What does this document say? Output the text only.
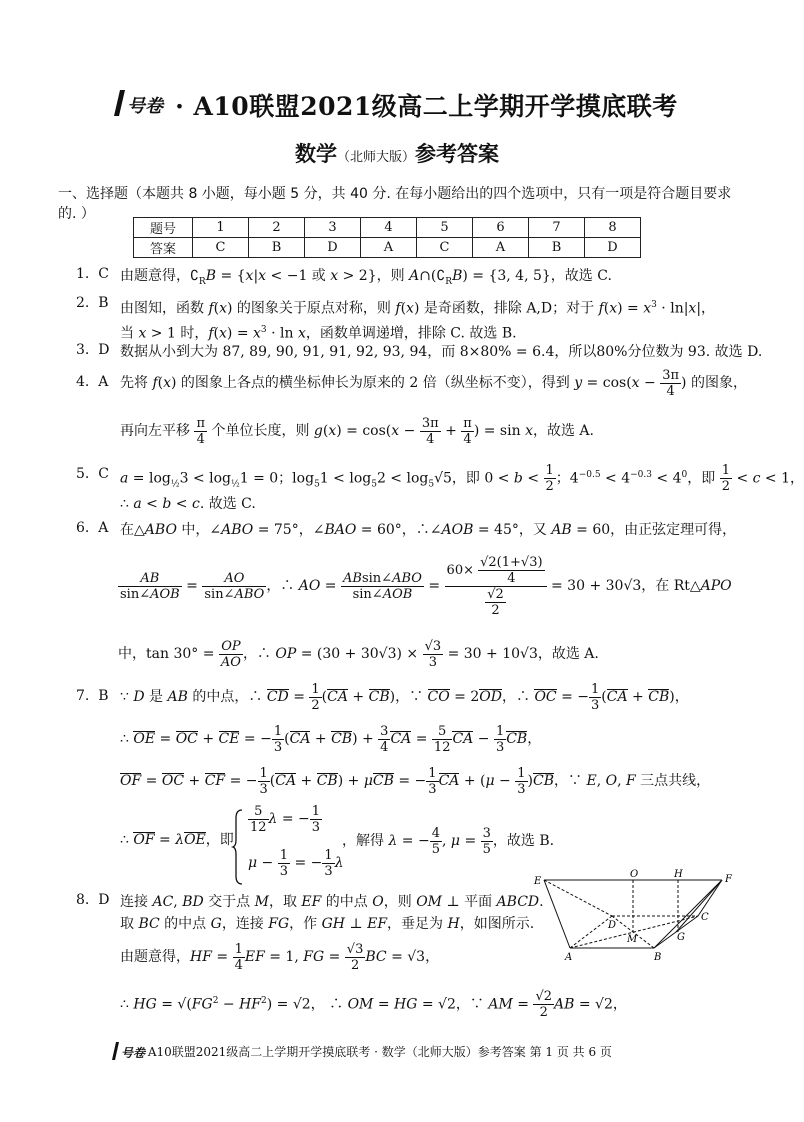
号卷 · A10联盟2021级高二上学期开学摸底联考
数学（北师大版）参考答案
一、选择题（本题共 8 小题，每小题 5 分，共 40 分. 在每小题给出的四个选项中，只有一项是符合题目要求的. ）
题号	1	2	3	4	5	6	7	8
答案	C	B	D	A	C	A	B	D
1. C 由题意得，$∁_RB = \{x|x < -1$ 或 x > 2}，则 $A\cap(∁_RB) = \{3$, 4, 5}，故选 C.
2. B 由图知，函数 f(x) 的图象关于原点对称，则 f(x) 是奇函数，排除 A,D；对于 $f(x) = x^3 \cdot \ln|x|$，
当 x > 1 时，$f(x) = x^3 \cdot \ln x$，函数单调递增，排除 C. 故选 B.
3. D 数据从小到大为 87, 89, 90, 91, 91, 92, 93, 94，而 8×80% = 6.4，所以80%分位数为 93. 故选 D.
4. A 先将 f(x) 的图象上各点的横坐标伸长为原来的 2 倍（纵坐标不变），得到 $y = \cos(x - \frac{3\pi}{4}$ ) 的图象，
再向左平移 $\frac{\pi}{4}$ 个单位长度，则 $g(x) = \cos(x - \frac{3\pi}{4} + \frac{\pi}{4}$ ) = sin x，故选 A.
5. C $a = \log_{\frac{1}{2}}3 < \log_{\frac{1}{2}}1 = 0$；$\log_51 < \log_52 < \log_5√5$，即 $0 < b < \frac{1}{2}$ ；$4^{-0.5} < 4^{-0.3} < 4^0$，即 $\frac{1}{2} < c < 1$，
∴ a < b < c. 故选 C.
6. A 在△ABO 中，∠ABO = 75°，∠BAO = 60°，∴∠AOB = 45°，又 AB = 60，由正弦定理可得，
$\frac{AB}{\text{sin∠AOB}} = \frac{AO}{\text{sin∠ABO}}$ ，∴ AO = $\frac{\text{ABsin∠ABO}}{\text{sin∠AOB}} = \frac{60\times \frac{√2(1+√3)}{4}}{\frac{√2}{2}} = 30 + 30√3$，在 Rt△APO
中，$\tan 30^\circ = \frac{OP}{AO}$ ，∴ OP = $(30 + 30√3) \times \frac{√3}{3} = 30 + 10√3$，故选 A.
7. B ∵ D 是 AB 的中点，∴ CD = $\frac{1}{2} (CA + CB)$，∵ CO = 2OD，∴ OC = − $\frac{1}{3} (CA + CB)$，
∴ OE = OC + CE = − $\frac{1}{3} (CA + CB) + \frac{3}{4}$ CA = $\frac{5}{12}$ CA − $\frac{1}{3}$ CB，
OF = OC + CF = − $\frac{1}{3} (CA + CB) + \mu CB$ = − $\frac{1}{3}$ CA + $(\mu - \frac{1}{3} )CB$，∵ E, O, F 三点共线，
∴ OF = λOE，即
$\frac{5}{12}$ λ = − $\frac{1}{3}$
$\mu - \frac{1}{3}$ = − $\frac{1}{3}$ λ
，解得 λ = − $\frac{4}{5}$ , $\mu = \frac{3}{5}$ ，故选 B.
8. D 连接 AC, BD 交于点 M，取 EF 的中点 O，则 OM ⊥ 平面 ABCD.
取 BC 的中点 G，连接 FG，作 GH ⊥ EF，垂足为 H，如图所示.
由题意得，HF = $\frac{1}{4}$ EF = 1, FG = $\frac{√3}{2}$ BC = √3，
∴ HG = $√(FG^2 - HF^2) = √2$， ∴ OM = HG = √2，∵ AM = $\frac{√2}{2}$ AB = √2，
E
O	H	F
D
C
M	G
A	B
号卷 A10联盟2021级高二上学期开学摸底联考 · 数学（北师大版）参考答案 第 1 页 共 6 页
